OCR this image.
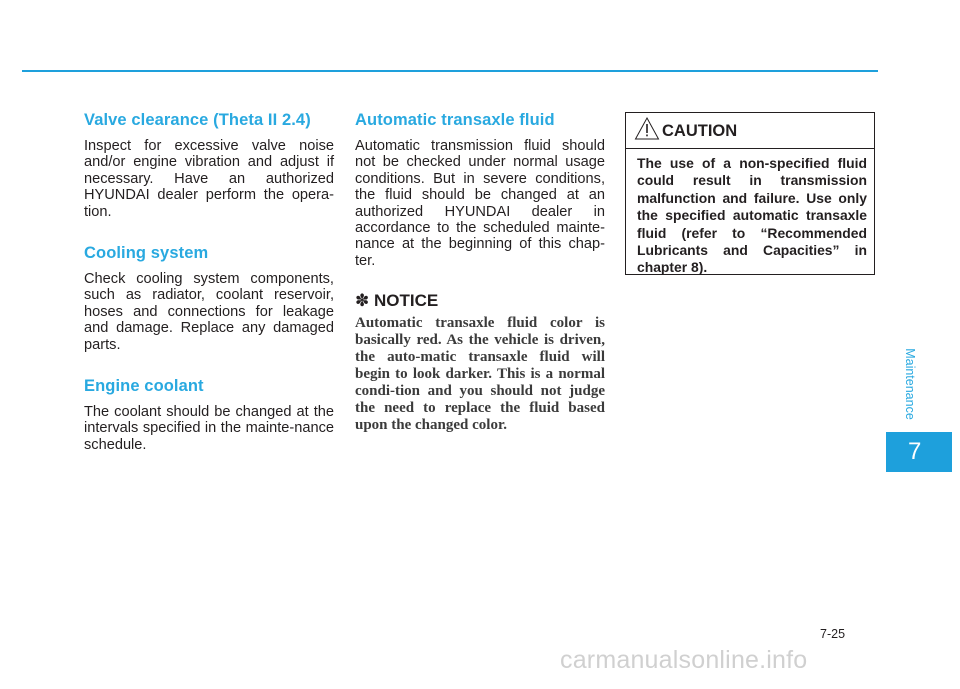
Valve clearance (Theta II 2.4)

Inspect for excessive valve noise and/or engine vibration and adjust if necessary. Have an authorized HYUNDAI dealer perform the opera-tion.

Cooling system

Check cooling system components, such as radiator, coolant reservoir, hoses and connections for leakage and damage. Replace any damaged parts.

Engine coolant

The coolant should be changed at the intervals specified in the mainte-nance schedule.

Automatic transaxle fluid

Automatic transmission fluid should not be checked under normal usage conditions. But in severe conditions, the fluid should be changed at an authorized HYUNDAI dealer in accordance to the scheduled mainte-nance at the beginning of this chap-ter.

✽ NOTICE

Automatic transaxle fluid color is basically red. As the vehicle is driven, the auto-matic transaxle fluid will begin to look darker. This is a normal condi-tion and you should not judge the need to replace the fluid based upon the changed color.

CAUTION

The use of a non-specified fluid could result in transmission malfunction and failure. Use only the specified automatic transaxle fluid (refer to “Recommended Lubricants and Capacities” in chapter 8).

Maintenance
7
7-25
carmanualsonline.info
